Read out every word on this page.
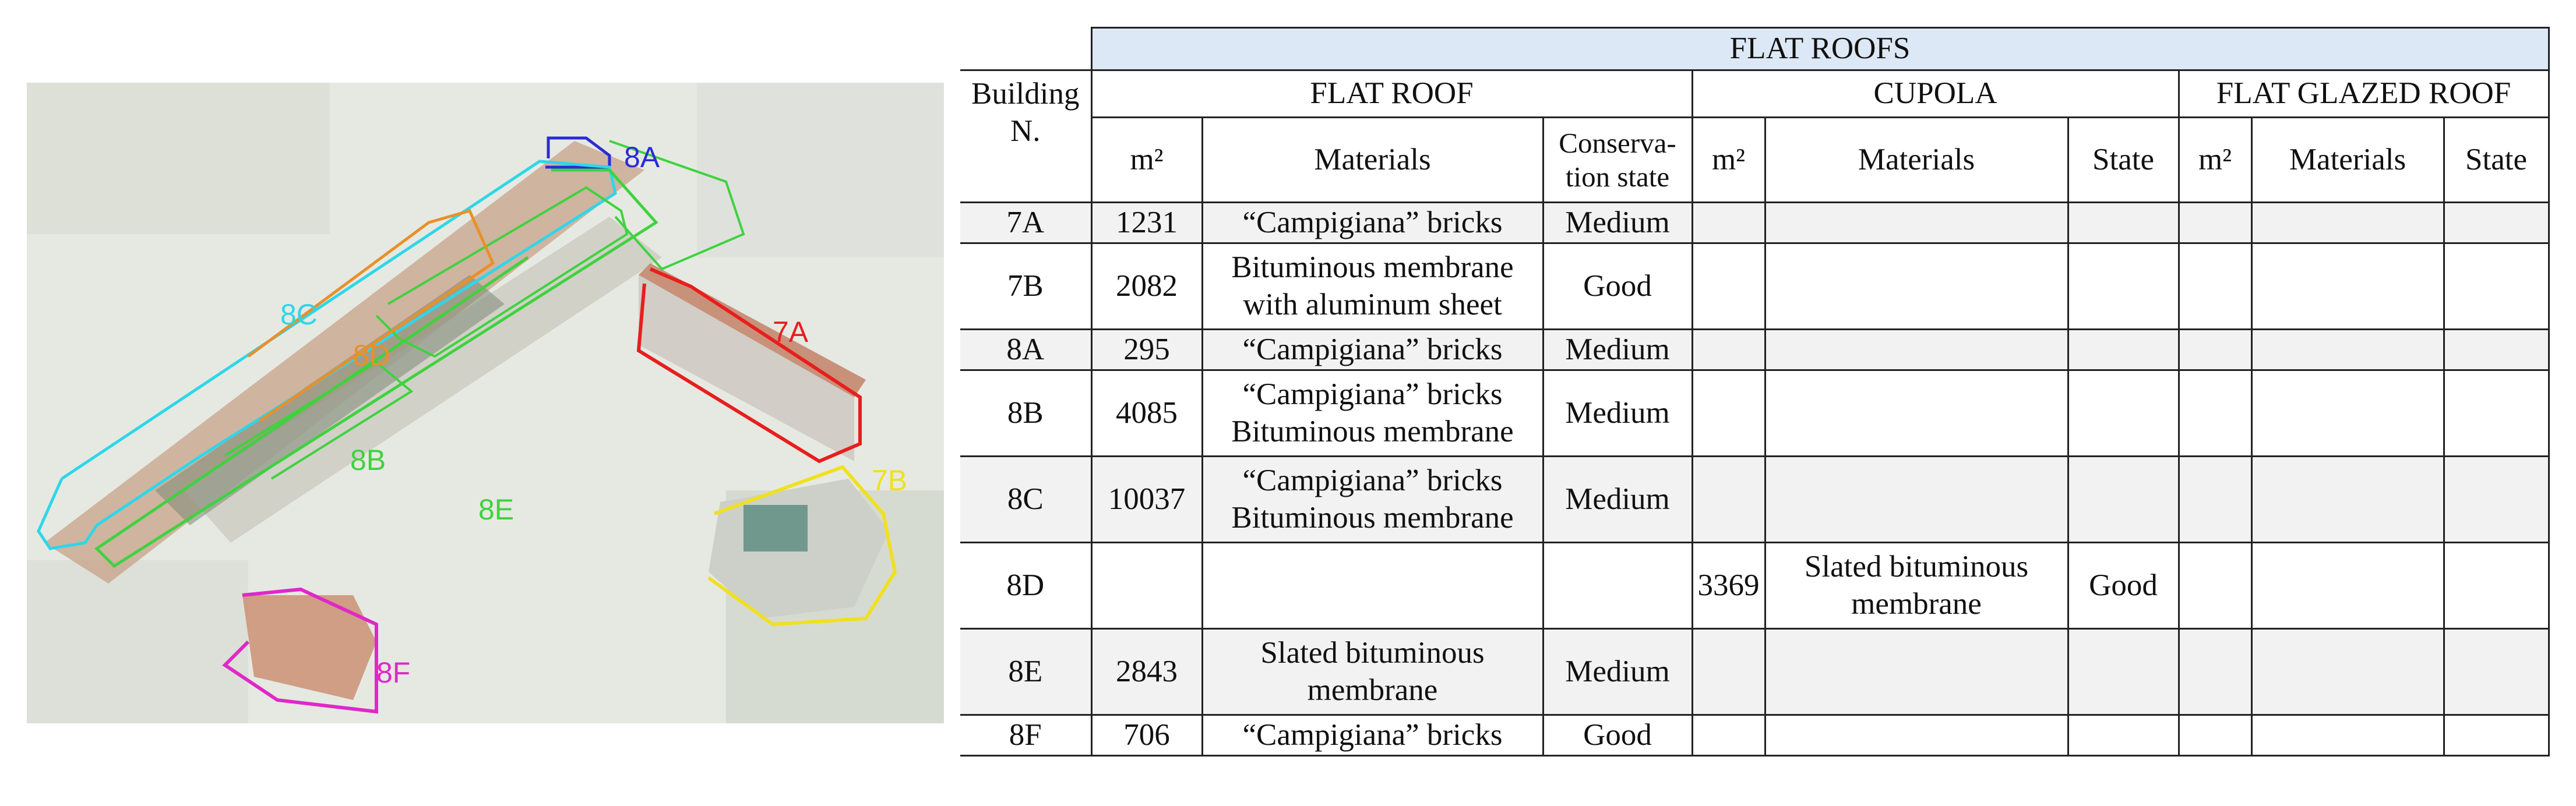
8A
8C
8D
7A
8B
8E
7B
8F
	FLAT ROOFS								
Building N.	FLAT ROOF			CUPOLA			FLAT GLAZED ROOF		
	m²	Materials	Conserva-tion state	m²	Materials	State	m²	Materials	State
7A	1231	“Campigiana” bricks	Medium						
7B	2082	Bituminous membrane with aluminum sheet	Good						
8A	295	“Campigiana” bricks	Medium						
8B	4085	“Campigiana” bricks Bituminous membrane	Medium						
8C	10037	“Campigiana” bricks Bituminous membrane	Medium						
8D				3369	Slated bituminous membrane	Good			
8E	2843	Slated bituminous membrane	Medium						
8F	706	“Campigiana” bricks	Good						
